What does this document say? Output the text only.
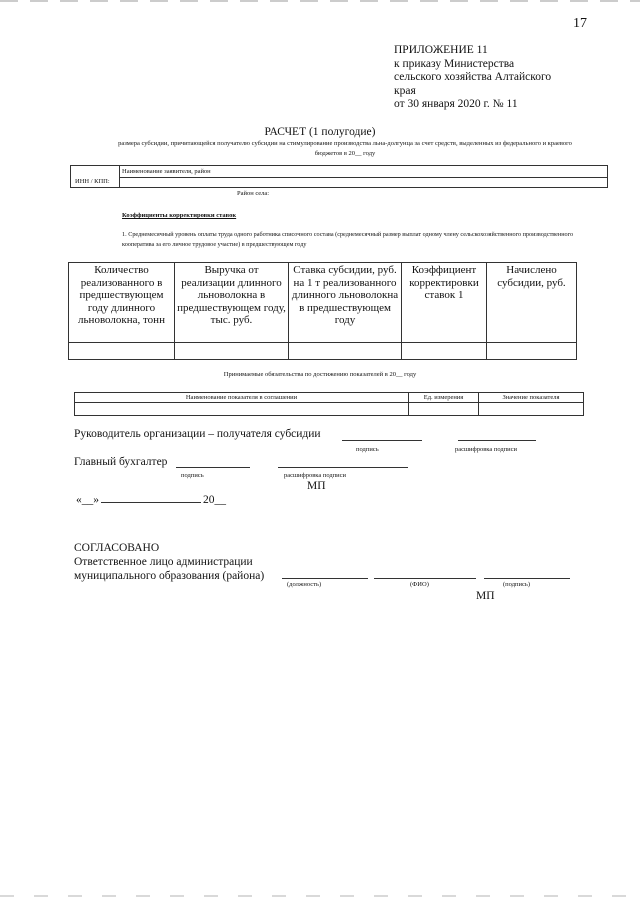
17
ПРИЛОЖЕНИЕ 11
к приказу Министерства
сельского хозяйства Алтайского
края
от 30 января 2020 г. № 11
РАСЧЕТ (1 полугодие)
размера субсидии, причитающейся получателю субсидии на стимулирование производства льна-долгунца за счет средств, выделенных из федерального и краевого бюджетов в 20__ году
Наименование заявителя, район
ИНН / КПП:
Район села:
Коэффициенты корректировки ставок
1. Среднемесячный уровень оплаты труда одного работника списочного состава (среднемесячный размер выплат одному члену сельскохозяйственного производственного кооператива за его личное трудовое участие) в предшествующем году
Количество реализованного в предшествующем году длинного льноволокна, тонн	Выручка от реализации длинного льноволокна в предшествующем году, тыс. руб.	Ставка субсидии, руб. на 1 т реализованного длинного льноволокна в предшествующем году	Коэффициент корректировки ставок 1	Начислено субсидии, руб.

Принимаемые обязательства по достижению показателей в 20__ году
Наименование показателя в соглашении	Ед. измерения	Значение показателя

Руководитель организации – получателя субсидии
подпись	расшифровка подписи
Главный бухгалтер
подпись	расшифровка подписи
МП
«__»	20__
СОГЛАСОВАНО
Ответственное лицо администрации
муниципального образования (района)
(должность)	(ФИО)	(подпись)
МП
